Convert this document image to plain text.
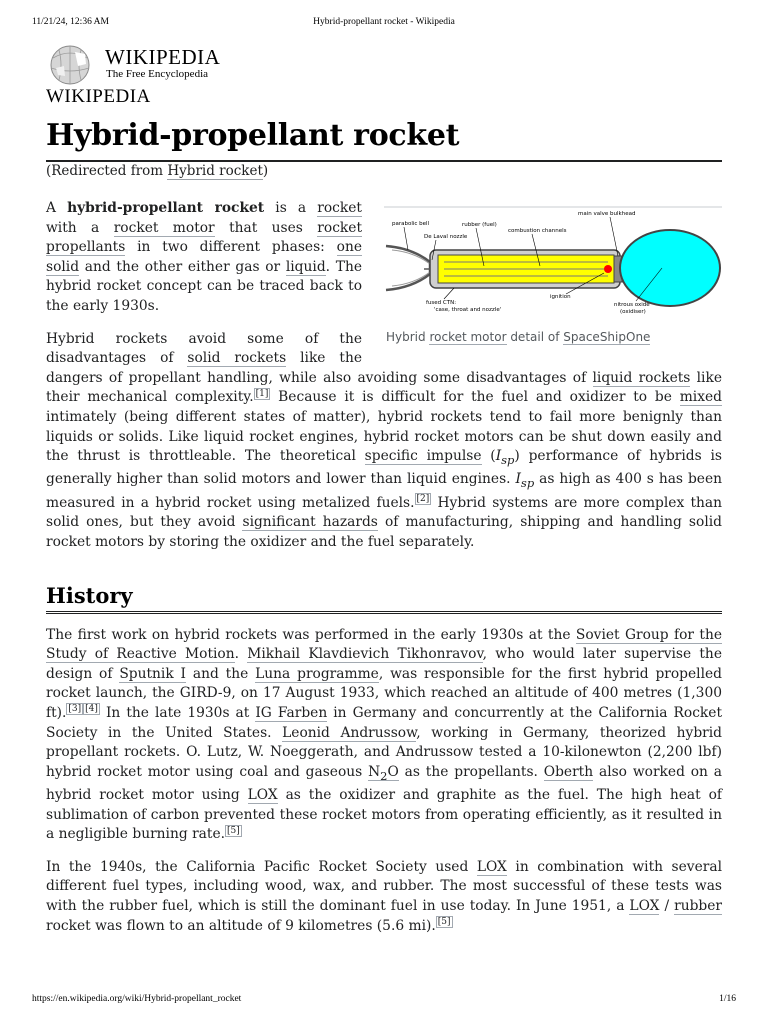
11/21/24, 12:36 AM	Hybrid-propellant rocket - Wikipedia
WIKIPEDIA
The Free Encyclopedia
WIKIPEDIA
Hybrid-propellant rocket
(Redirected from Hybrid rocket)
parabolic bell
De Laval nozzle
rubber (fuel)
combustion channels
main valve bulkhead
fused CTN:
'case, throat and nozzle'
ignition
nitrous oxide
(oxidiser)
Hybrid rocket motor detail of SpaceShipOne

A hybrid-propellant rocket is a rocket with a rocket motor that uses rocket propellants in two different phases: one solid and the other either gas or liquid. The hybrid rocket concept can be traced back to the early 1930s.

Hybrid rockets avoid some of the disadvantages of solid rockets like the dangers of propellant handling, while also avoiding some disadvantages of liquid rockets like their mechanical complexity. [1] Because it is difficult for the fuel and oxidizer to be mixed intimately (being different states of matter), hybrid rockets tend to fail more benignly than liquids or solids. Like liquid rocket engines, hybrid rocket motors can be shut down easily and the thrust is throttleable. The theoretical specific impulse $(I_{sp})$ performance of hybrids is generally higher than solid motors and lower than liquid engines. $I_{sp}$ as high as 400 s has been measured in a hybrid rocket using metalized fuels. [2] Hybrid systems are more complex than solid ones, but they avoid significant hazards of manufacturing, shipping and handling solid rocket motors by storing the oxidizer and the fuel separately.

History

The first work on hybrid rockets was performed in the early 1930s at the Soviet Group for the Study of Reactive Motion. Mikhail Klavdievich Tikhonravov, who would later supervise the design of Sputnik I and the Luna programme, was responsible for the first hybrid propelled rocket launch, the GIRD-9, on 17 August 1933, which reached an altitude of 400 metres (1,300 ft). [3] [4] In the late 1930s at IG Farben in Germany and concurrently at the California Rocket Society in the United States. Leonid Andrussow, working in Germany, theorized hybrid propellant rockets. O. Lutz, W. Noeggerath, and Andrussow tested a 10-kilonewton (2,200 lbf) hybrid rocket motor using coal and gaseous $N_2O$ as the propellants. Oberth also worked on a hybrid rocket motor using LOX as the oxidizer and graphite as the fuel. The high heat of sublimation of carbon prevented these rocket motors from operating efficiently, as it resulted in a negligible burning rate. [5]

In the 1940s, the California Pacific Rocket Society used LOX in combination with several different fuel types, including wood, wax, and rubber. The most successful of these tests was with the rubber fuel, which is still the dominant fuel in use today. In June 1951, a LOX / rubber rocket was flown to an altitude of 9 kilometres (5.6 mi). [5]

https://en.wikipedia.org/wiki/Hybrid-propellant_rocket	1/16
